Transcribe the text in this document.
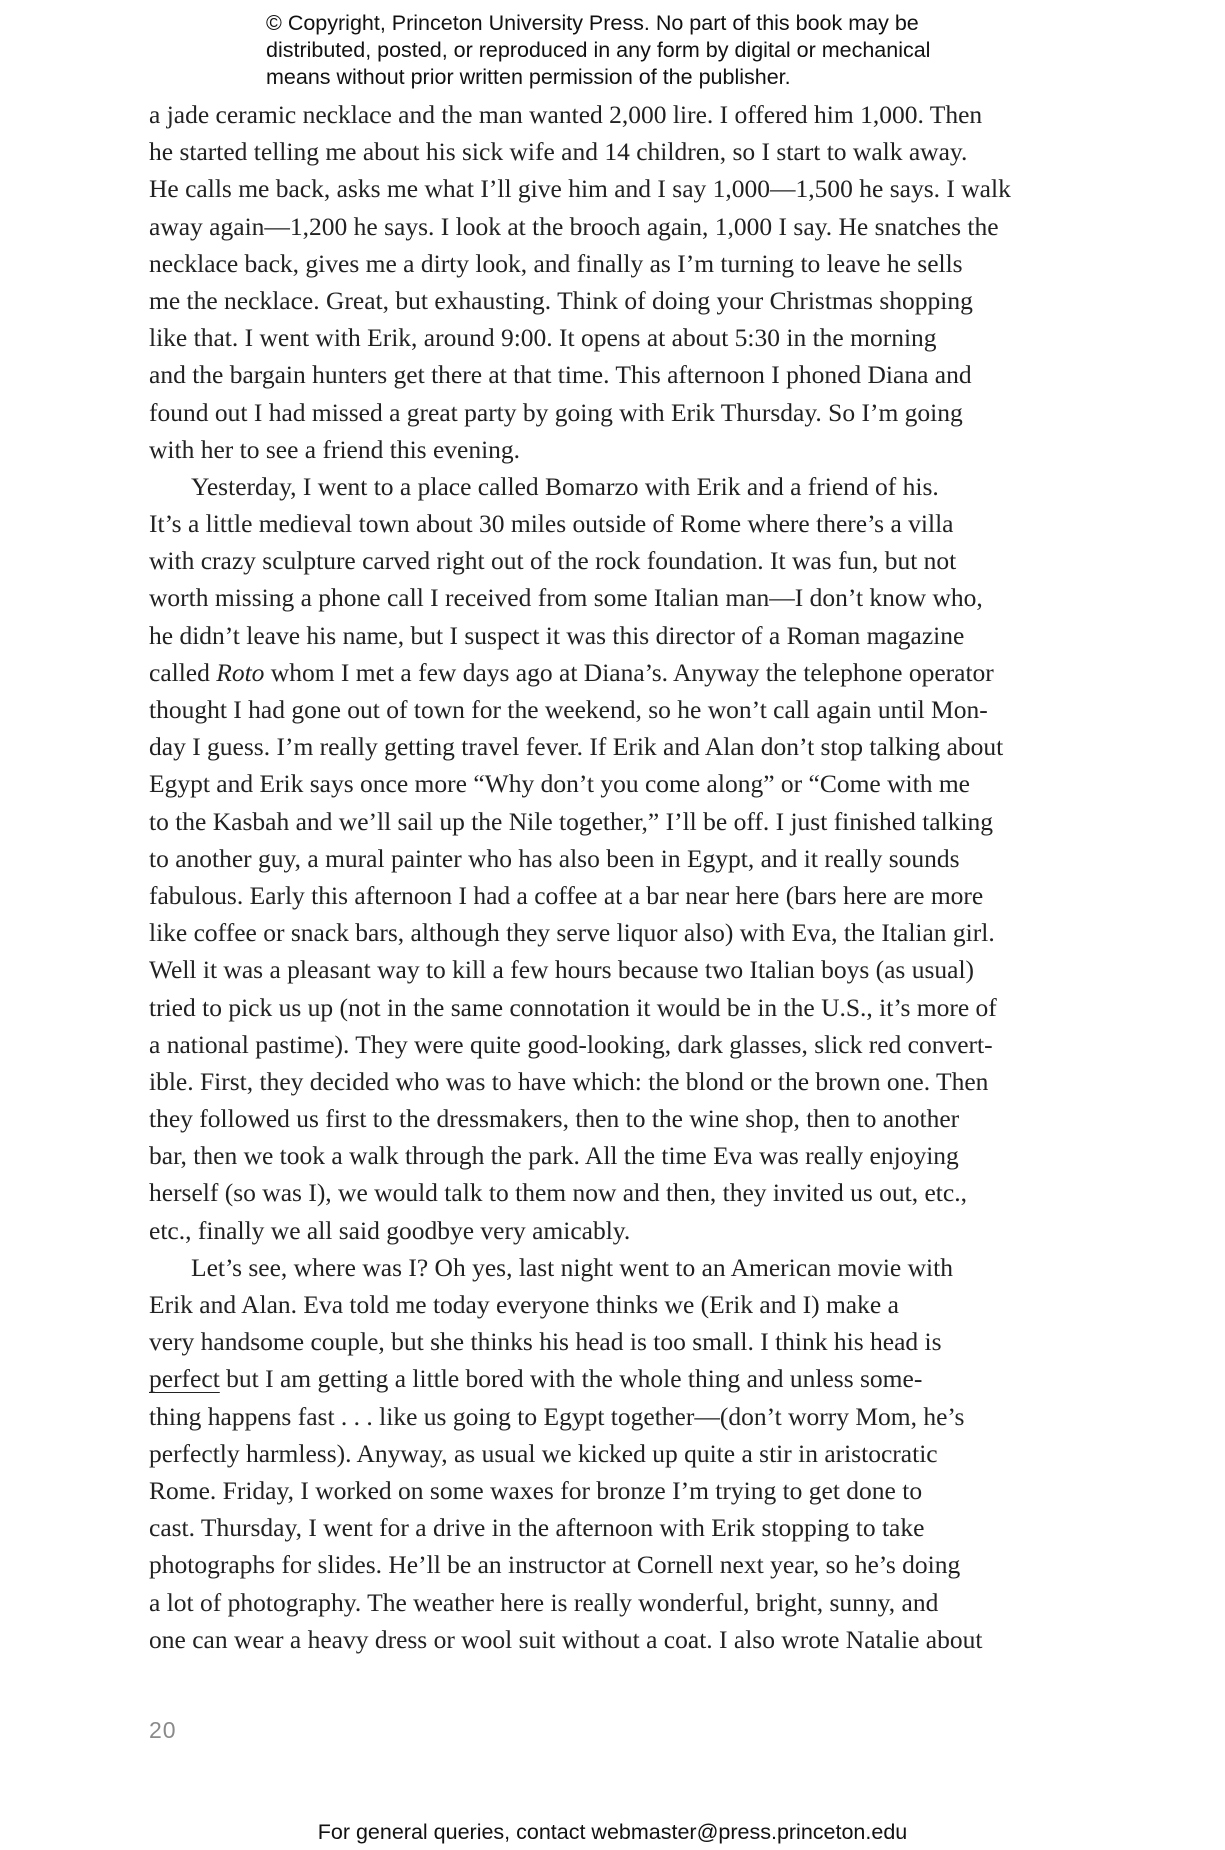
© Copyright, Princeton University Press. No part of this book may be
distributed, posted, or reproduced in any form by digital or mechanical
means without prior written permission of the publisher.
a jade ceramic necklace and the man wanted 2,000 lire. I offered him 1,000. Then
he started telling me about his sick wife and 14 children, so I start to walk away.
He calls me back, asks me what I’ll give him and I say 1,000—1,500 he says. I walk
away again—1,200 he says. I look at the brooch again, 1,000 I say. He snatches the
necklace back, gives me a dirty look, and finally as I’m turning to leave he sells
me the necklace. Great, but exhausting. Think of doing your Christmas shopping
like that. I went with Erik, around 9:00. It opens at about 5:30 in the morning
and the bargain hunters get there at that time. This afternoon I phoned Diana and
found out I had missed a great party by going with Erik Thursday. So I’m going
with her to see a friend this evening.
Yesterday, I went to a place called Bomarzo with Erik and a friend of his.
It’s a little medieval town about 30 miles outside of Rome where there’s a villa
with crazy sculpture carved right out of the rock foundation. It was fun, but not
worth missing a phone call I received from some Italian man—I don’t know who,
he didn’t leave his name, but I suspect it was this director of a Roman magazine
called Roto whom I met a few days ago at Diana’s. Anyway the telephone operator
thought I had gone out of town for the weekend, so he won’t call again until Mon-
day I guess. I’m really getting travel fever. If Erik and Alan don’t stop talking about
Egypt and Erik says once more “Why don’t you come along” or “Come with me
to the Kasbah and we’ll sail up the Nile together,” I’ll be off. I just finished talking
to another guy, a mural painter who has also been in Egypt, and it really sounds
fabulous. Early this afternoon I had a coffee at a bar near here (bars here are more
like coffee or snack bars, although they serve liquor also) with Eva, the Italian girl.
Well it was a pleasant way to kill a few hours because two Italian boys (as usual)
tried to pick us up (not in the same connotation it would be in the U.S., it’s more of
a national pastime). They were quite good-looking, dark glasses, slick red convert-
ible. First, they decided who was to have which: the blond or the brown one. Then
they followed us first to the dressmakers, then to the wine shop, then to another
bar, then we took a walk through the park. All the time Eva was really enjoying
herself (so was I), we would talk to them now and then, they invited us out, etc.,
etc., finally we all said goodbye very amicably.
Let’s see, where was I? Oh yes, last night went to an American movie with
Erik and Alan. Eva told me today everyone thinks we (Erik and I) make a
very handsome couple, but she thinks his head is too small. I think his head is
perfect but I am getting a little bored with the whole thing and unless some-
thing happens fast . . . like us going to Egypt together—(don’t worry Mom, he’s
perfectly harmless). Anyway, as usual we kicked up quite a stir in aristocratic
Rome. Friday, I worked on some waxes for bronze I’m trying to get done to
cast. Thursday, I went for a drive in the afternoon with Erik stopping to take
photographs for slides. He’ll be an instructor at Cornell next year, so he’s doing
a lot of photography. The weather here is really wonderful, bright, sunny, and
one can wear a heavy dress or wool suit without a coat. I also wrote Natalie about
20
For general queries, contact webmaster@press.princeton.edu
